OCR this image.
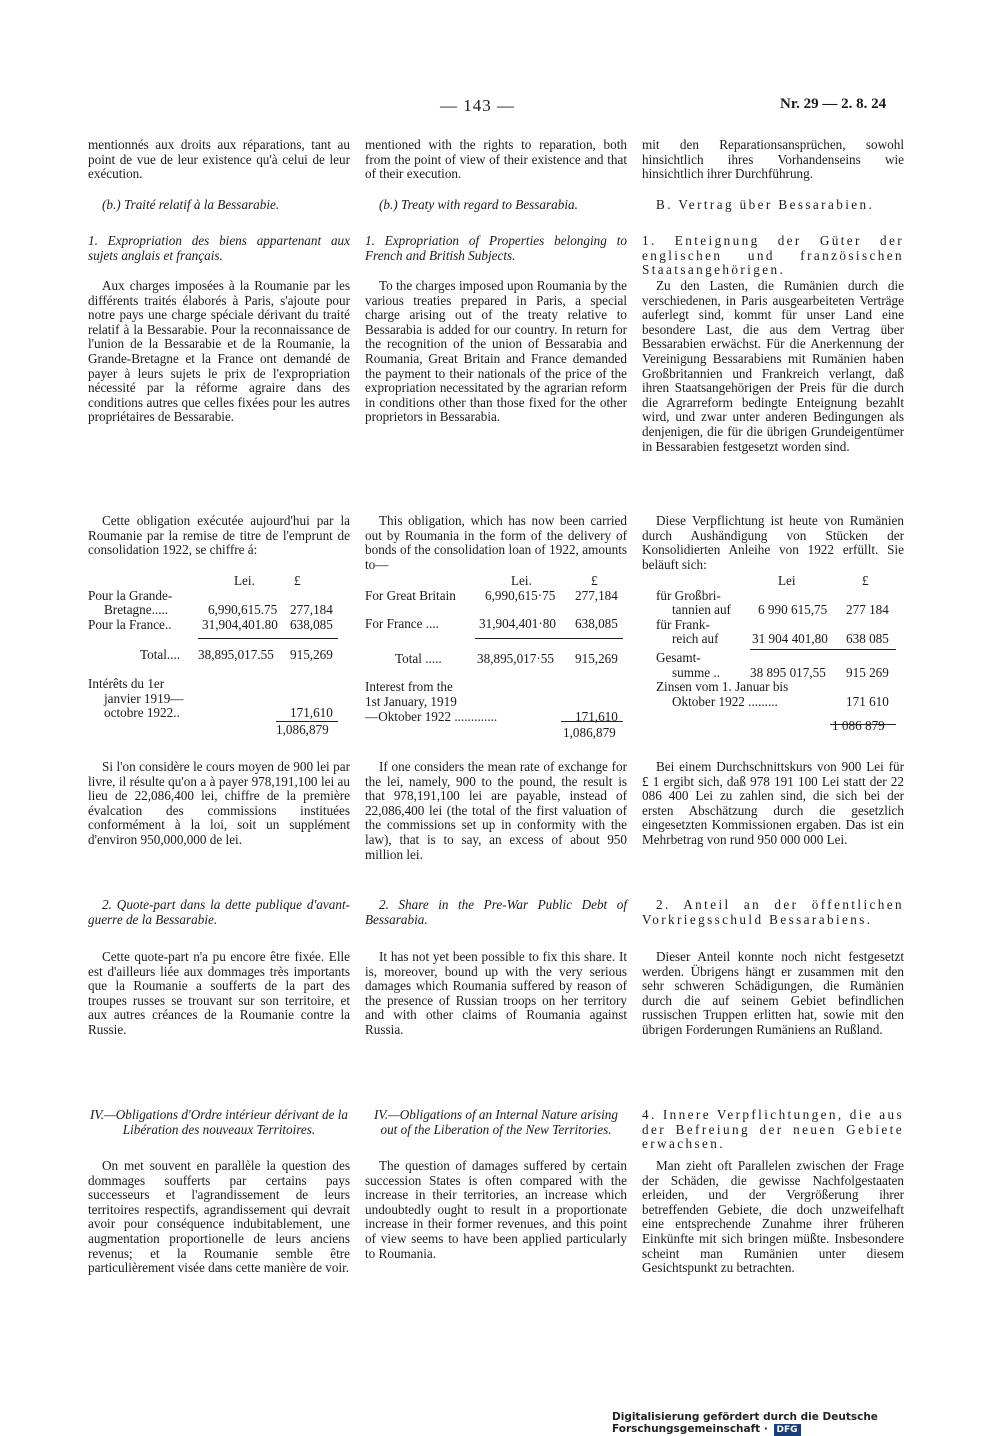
— 143 —	Nr. 29 — 2. 8. 24

mentionnés aux droits aux réparations, tant au point de vue de leur existence qu'à celui de leur exécution.

(b.) Traité relatif à la Bessarabie.
1. Expropriation des biens appartenant aux sujets anglais et français.
Aux charges imposées à la Roumanie par les différents traités élaborés à Paris, s'ajoute pour notre pays une charge spéciale dérivant du traité relatif à la Bessarabie. Pour la reconnaissance de l'union de la Bessarabie et de la Roumanie, la Grande-Bretagne et la France ont demandé de payer à leurs sujets le prix de l'expropriation nécessité par la réforme agraire dans des conditions autres que celles fixées pour les autres propriétaires de Bessarabie.
Cette obligation exécutée aujourd'hui par la Roumanie par la remise de titre de l'emprunt de consolidation 1922, se chiffre á:
Lei.	£
Pour la Grande-
Bretagne.....	6,990,615.75 277,184
Pour la France.. 31,904,401.80 638,085
Total.... 38,895,017.55 915,269
Intérêts du 1er
janvier 1919—
octobre 1922..	171,610
1,086,879
Si l'on considère le cours moyen de 900 lei par livre, il résulte qu'on a à payer 978,191,100 lei au lieu de 22,086,400 lei, chiffre de la première évalcation des commissions instituées conformément à la loi, soit un supplément d'environ 950,000,000 de lei.
2. Quote-part dans la dette publique d'avant-guerre de la Bessarabie.
Cette quote-part n'a pu encore être fixée. Elle est d'ailleurs liée aux dommages très importants que la Roumanie a soufferts de la part des troupes russes se trouvant sur son territoire, et aux autres créances de la Roumanie contre la Russie.
IV.—Obligations d'Ordre intérieur dérivant de la Libération des nouveaux Territoires.
On met souvent en parallèle la question des dommages soufferts par certains pays successeurs et l'agrandissement de leurs territoires respectifs, agrandissement qui devrait avoir pour conséquence indubitablement, une augmentation proportionelle de leurs anciens revenus; et la Roumanie semble être particulièrement visée dans cette manière de voir.
mentioned with the rights to reparation, both from the point of view of their existence and that of their execution.
(b.) Treaty with regard to Bessarabia.
1. Expropriation of Properties belonging to French and British Subjects.
To the charges imposed upon Roumania by the various treaties prepared in Paris, a special charge arising out of the treaty relative to Bessarabia is added for our country. In return for the recognition of the union of Bessarabia and Roumania, Great Britain and France demanded the payment to their nationals of the price of the expropriation necessitated by the agrarian reform in conditions other than those fixed for the other proprietors in Bessarabia.
This obligation, which has now been carried out by Roumania in the form of the delivery of bonds of the consolidation loan of 1922, amounts to—
Lei.	£
For Great Britain 6,990,615·75 277,184
For France ....	31,904,401·80 638,085
Total .....	38,895,017·55 915,269
Interest from the
1st January, 1919
—Oktober 1922 .............	171,610
1,086,879
If one considers the mean rate of exchange for the lei, namely, 900 to the pound, the result is that 978,191,100 lei are payable, instead of 22,086,400 lei (the total of the first valuation of the commissions set up in conformity with the law), that is to say, an excess of about 950 million lei.
2. Share in the Pre-War Public Debt of Bessarabia.
It has not yet been possible to fix this share. It is, moreover, bound up with the very serious damages which Roumania suffered by reason of the presence of Russian troops on her territory and with other claims of Roumania against Russia.
IV.—Obligations of an Internal Nature arising out of the Liberation of the New Territories.
The question of damages suffered by certain succession States is often compared with the increase in their territories, an increase which undoubtedly ought to result in a proportionate increase in their former revenues, and this point of view seems to have been applied particularly to Roumania.
mit den Reparationsansprüchen, sowohl hinsichtlich ihres Vorhandenseins wie hinsichtlich ihrer Durchführung.
B. Vertrag über Bessarabien.
1. Enteignung der Güter der englischen und französischen Staatsangehörigen.
Zu den Lasten, die Rumänien durch die verschiedenen, in Paris ausgearbeiteten Verträge auferlegt sind, kommt für unser Land eine besondere Last, die aus dem Vertrag über Bessarabien erwächst. Für die Anerkennung der Vereinigung Bessarabiens mit Rumänien haben Großbritannien und Frankreich verlangt, daß ihren Staatsangehörigen der Preis für die durch die Agrarreform bedingte Enteignung bezahlt wird, und zwar unter anderen Bedingungen als denjenigen, die für die übrigen Grundeigentümer in Bessarabien festgesetzt worden sind.
Diese Verpflichtung ist heute von Rumänien durch Aushändigung von Stücken der Konsolidierten Anleihe von 1922 erfüllt. Sie beläuft sich:
Lei	£
für Großbri-
tannien auf 6 990 615,75 277 184
für Frank-
reich auf	31 904 401,80 638 085
Gesamt-
summe .. 38 895 017,55 915 269
Zinsen vom 1. Januar bis
Oktober 1922 .........	171 610
1 086 879
Bei einem Durchschnittskurs von 900 Lei für £ 1 ergibt sich, daß 978 191 100 Lei statt der 22 086 400 Lei zu zahlen sind, die sich bei der ersten Abschätzung durch die gesetzlich eingesetzten Kommissionen ergaben. Das ist ein Mehrbetrag von rund 950 000 000 Lei.
2. Anteil an der öffentlichen Vorkriegsschuld Bessarabiens.
Dieser Anteil konnte noch nicht festgesetzt werden. Übrigens hängt er zusammen mit den sehr schweren Schädigungen, die Rumänien durch die auf seinem Gebiet befindlichen russischen Truppen erlitten hat, sowie mit den übrigen Forderungen Rumäniens an Rußland.
4. Innere Verpflichtungen, die aus der Befreiung der neuen Gebiete erwachsen.
Man zieht oft Parallelen zwischen der Frage der Schäden, die gewisse Nachfolgestaaten erleiden, und der Vergrößerung ihrer betreffenden Gebiete, die doch unzweifelhaft eine entsprechende Zunahme ihrer früheren Einkünfte mit sich bringen müßte. Insbesondere scheint man Rumänien unter diesem Gesichtspunkt zu betrachten.
Digitalisierung gefördert durch die Deutsche Forschungsgemeinschaft · DFG
